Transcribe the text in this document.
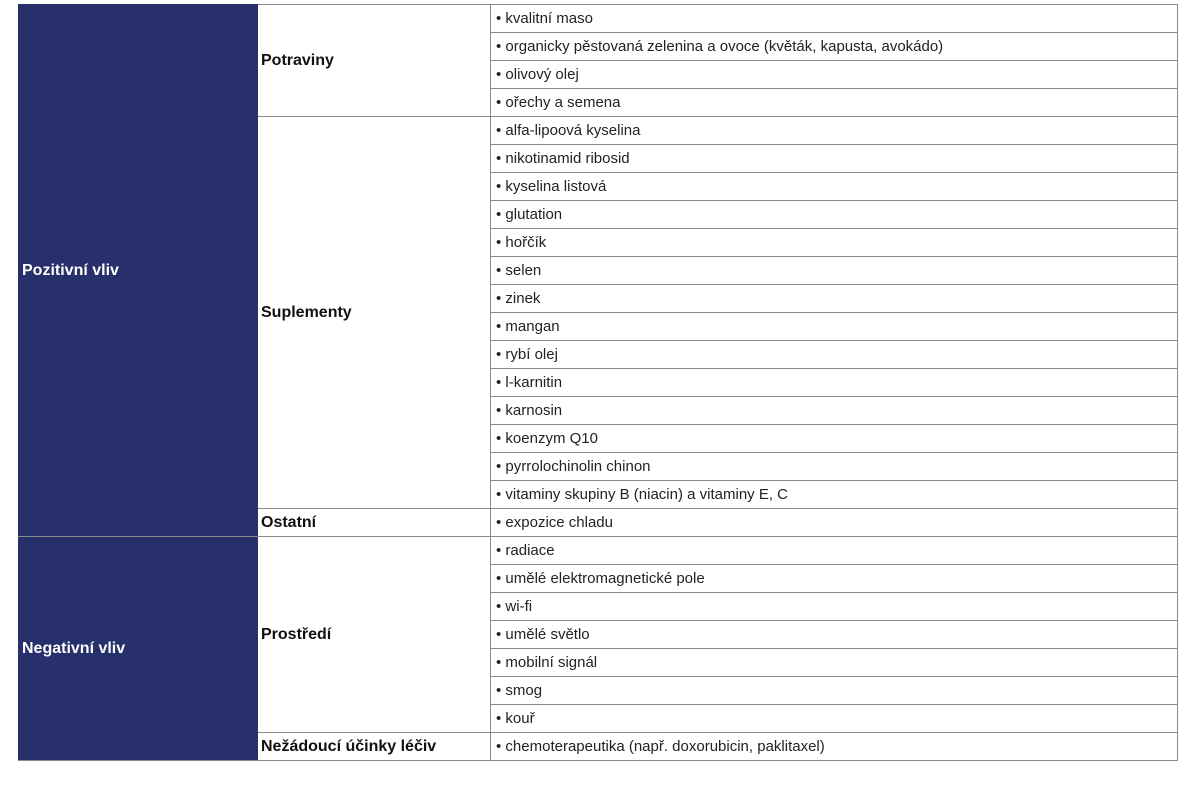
Pozitivní vliv	Potraviny	• kvalitní maso
		• organicky pěstovaná zelenina a ovoce (květák, kapusta, avokádo)
		• olivový olej
		• ořechy a semena
	Suplementy	• alfa-lipoová kyselina
		• nikotinamid ribosid
		• kyselina listová
		• glutation
		• hořčík
		• selen
		• zinek
		• mangan
		• rybí olej
		• l-karnitin
		• karnosin
		• koenzym Q10
		• pyrrolochinolin chinon
		• vitaminy skupiny B (niacin) a vitaminy E, C
	Ostatní	• expozice chladu
Negativní vliv	Prostředí	• radiace
		• umělé elektromagnetické pole
		• wi-fi
		• umělé světlo
		• mobilní signál
		• smog
		• kouř
	Nežádoucí účinky léčiv	• chemoterapeutika (např. doxorubicin, paklitaxel)
